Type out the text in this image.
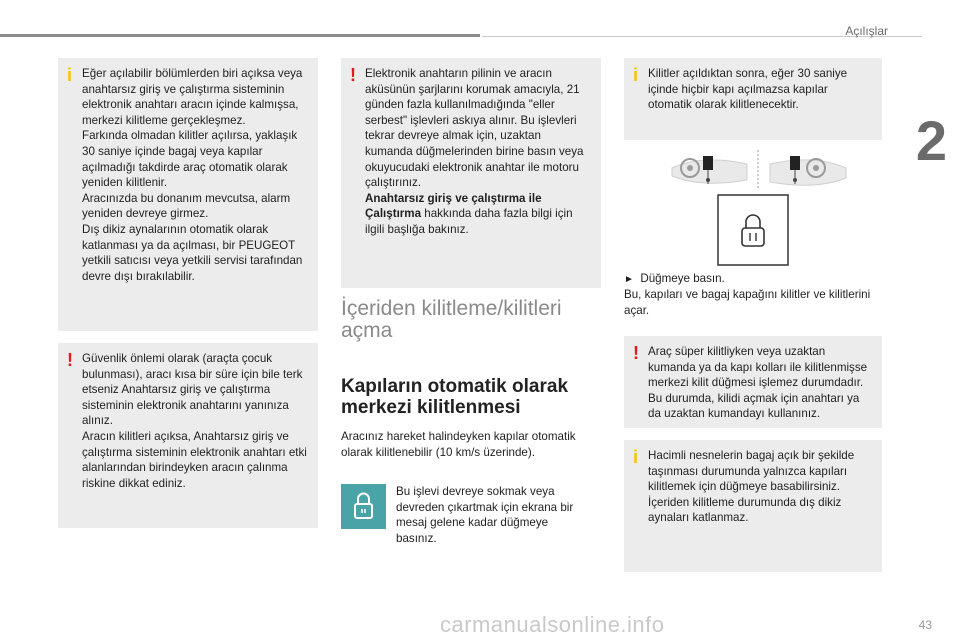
Açılışlar
2
i Eğer açılabilir bölümlerden biri açıksa veya anahtarsız giriş ve çalıştırma sisteminin elektronik anahtarı aracın içinde kalmışsa, merkezi kilitleme gerçekleşmez.
Farkında olmadan kilitler açılırsa, yaklaşık 30 saniye içinde bagaj veya kapılar açılmadığı takdirde araç otomatik olarak yeniden kilitlenir.
Aracınızda bu donanım mevcutsa, alarm yeniden devreye girmez.
Dış dikiz aynalarının otomatik olarak katlanması ya da açılması, bir PEUGEOT yetkili satıcısı veya yetkili servisi tarafından devre dışı bırakılabilir.

! Güvenlik önlemi olarak (araçta çocuk bulunması), aracı kısa bir süre için bile terk etseniz Anahtarsız giriş ve çalıştırma sisteminin elektronik anahtarını yanınıza alınız.
Aracın kilitleri açıksa, Anahtarsız giriş ve çalıştırma sisteminin elektronik anahtarı etki alanlarından birindeyken aracın çalınma riskine dikkat ediniz.

! Elektronik anahtarın pilinin ve aracın aküsünün şarjlarını korumak amacıyla, 21 günden fazla kullanılmadığında "eller serbest" işlevleri askıya alınır. Bu işlevleri tekrar devreye almak için, uzaktan kumanda düğmelerinden birine basın veya okuyucudaki elektronik anahtar ile motoru çalıştırınız.
Anahtarsız giriş ve çalıştırma ile Çalıştırma hakkında daha fazla bilgi için ilgili başlığa bakınız.

İçeriden kilitleme/kilitleri açma
Kapıların otomatik olarak merkezi kilitlenmesi
Aracınız hareket halindeyken kapılar otomatik olarak kilitlenebilir (10 km/s üzerinde).
Bu işlevi devreye sokmak veya devreden çıkartmak için ekrana bir mesaj gelene kadar düğmeye basınız.
i Kilitler açıldıktan sonra, eğer 30 saniye içinde hiçbir kapı açılmazsa kapılar otomatik olarak kilitlenecektir.

► Düğmeye basın.
Bu, kapıları ve bagaj kapağını kilitler ve kilitlerini açar.
! Araç süper kilitliyken veya uzaktan kumanda ya da kapı kolları ile kilitlenmişse merkezi kilit düğmesi işlemez durumdadır. Bu durumda, kilidi açmak için anahtarı ya da uzaktan kumandayı kullanınız.

i Hacimli nesnelerin bagaj açık bir şekilde taşınması durumunda yalnızca kapıları kilitlemek için düğmeye basabilirsiniz.
İçeriden kilitleme durumunda dış dikiz aynaları katlanmaz.

carmanualsonline.info	43
